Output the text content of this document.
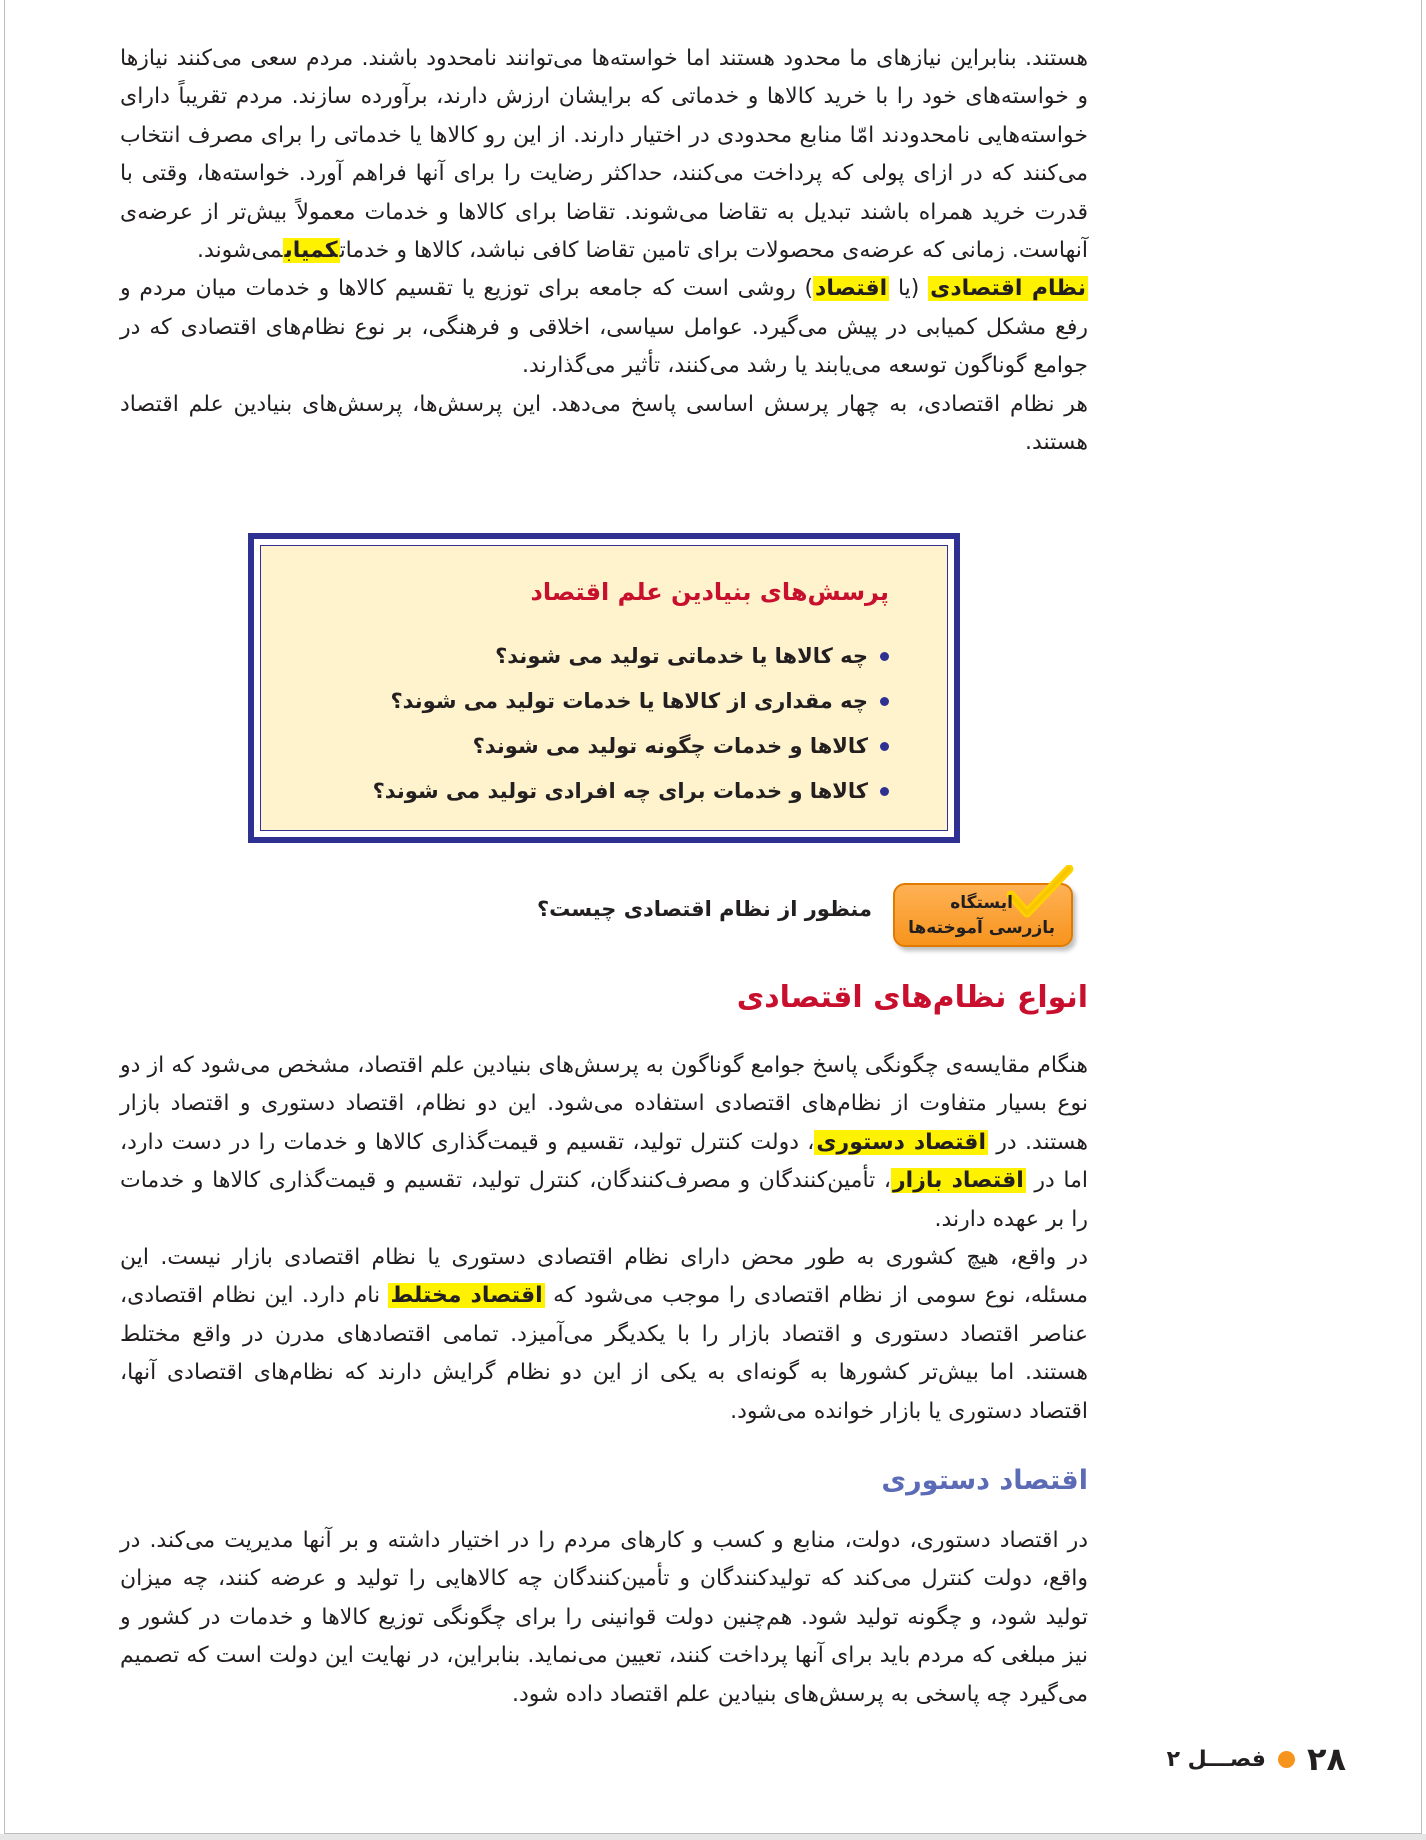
هستند. بنابراین نیازهای ما محدود هستند اما خواسته‌ها می‌توانند نامحدود باشند. مردم سعی می‌کنند نیازها و خواسته‌های خود را با خرید کالاها و خدماتی که برایشان ارزش دارند، برآورده سازند. مردم تقریباً دارای خواسته‌هایی نامحدودند امّا منابع محدودی در اختیار دارند. از این رو کالاها یا خدماتی را برای مصرف انتخاب می‌کنند که در ازای پولی که پرداخت می‌کنند، حداکثر رضایت را برای آنها فراهم آورد. خواسته‌ها، وقتی با قدرت خرید همراه باشند تبدیل به تقاضا می‌شوند. تقاضا برای کالاها و خدمات معمولاً بیش‌تر از عرضه‌ی آنهاست. زمانی که عرضه‌ی محصولات برای تامین تقاضا کافی نباشد، کالاها و خدماتکمیابمی‌شوند.

نظام اقتصادی (یا اقتصاد) روشی است که جامعه برای توزیع یا تقسیم کالاها و خدمات میان مردم و رفع مشکل کمیابی در پیش می‌گیرد. عوامل سیاسی، اخلاقی و فرهنگی، بر نوع نظام‌های اقتصادی که در جوامع گوناگون توسعه می‌یابند یا رشد می‌کنند، تأثیر می‌گذارند.

هر نظام اقتصادی، به چهار پرسش اساسی پاسخ می‌دهد. این پرسش‌ها، پرسش‌های بنیادین علم اقتصاد هستند.

پرسش‌های بنیادین علم اقتصاد
چه کالاها یا خدماتی تولید می شوند؟
چه مقداری از کالاها یا خدمات تولید می شوند؟
کالاها و خدمات چگونه تولید می شوند؟
کالاها و خدمات برای چه افرادی تولید می شوند؟
ایستگاه
بازرسی آموخته‌ها
منظور از نظام اقتصادی چیست؟
انواع نظام‌های اقتصادی

هنگام مقایسه‌ی چگونگی پاسخ جوامع گوناگون به پرسش‌های بنیادین علم اقتصاد، مشخص می‌شود که از دو نوع بسیار متفاوت از نظام‌های اقتصادی استفاده می‌شود. این دو نظام، اقتصاد دستوری و اقتصاد بازار هستند. در اقتصاد دستوری، دولت کنترل تولید، تقسیم و قیمت‌گذاری کالاها و خدمات را در دست دارد، اما در اقتصاد بازار، تأمین‌کنندگان و مصرف‌کنندگان، کنترل تولید، تقسیم و قیمت‌گذاری کالاها و خدمات را بر عهده دارند.

در واقع، هیچ کشوری به طور محض دارای نظام اقتصادی دستوری یا نظام اقتصادی بازار نیست. این مسئله، نوع سومی از نظام اقتصادی را موجب می‌شود که اقتصاد مختلط نام دارد. این نظام اقتصادی، عناصر اقتصاد دستوری و اقتصاد بازار را با یکدیگر می‌آمیزد. تمامی اقتصادهای مدرن در واقع مختلط هستند. اما بیش‌تر کشورها به گونه‌ای به یکی از این دو نظام گرایش دارند که نظام‌های اقتصادی آنها، اقتصاد دستوری یا بازار خوانده می‌شود.

اقتصاد دستوری

در اقتصاد دستوری، دولت، منابع و کسب و کارهای مردم را در اختیار داشته و بر آنها مدیریت می‌کند. در واقع، دولت کنترل می‌کند که تولیدکنندگان و تأمین‌کنندگان چه کالاهایی را تولید و عرضه کنند، چه میزان تولید شود، و چگونه تولید شود. هم‌چنین دولت قوانینی را برای چگونگی توزیع کالاها و خدمات در کشور و نیز مبلغی که مردم باید برای آنها پرداخت کنند، تعیین می‌نماید. بنابراین، در نهایت این دولت است که تصمیم می‌گیرد چه پاسخی به پرسش‌های بنیادین علم اقتصاد داده شود.

۲۸
فصـــل ۲
